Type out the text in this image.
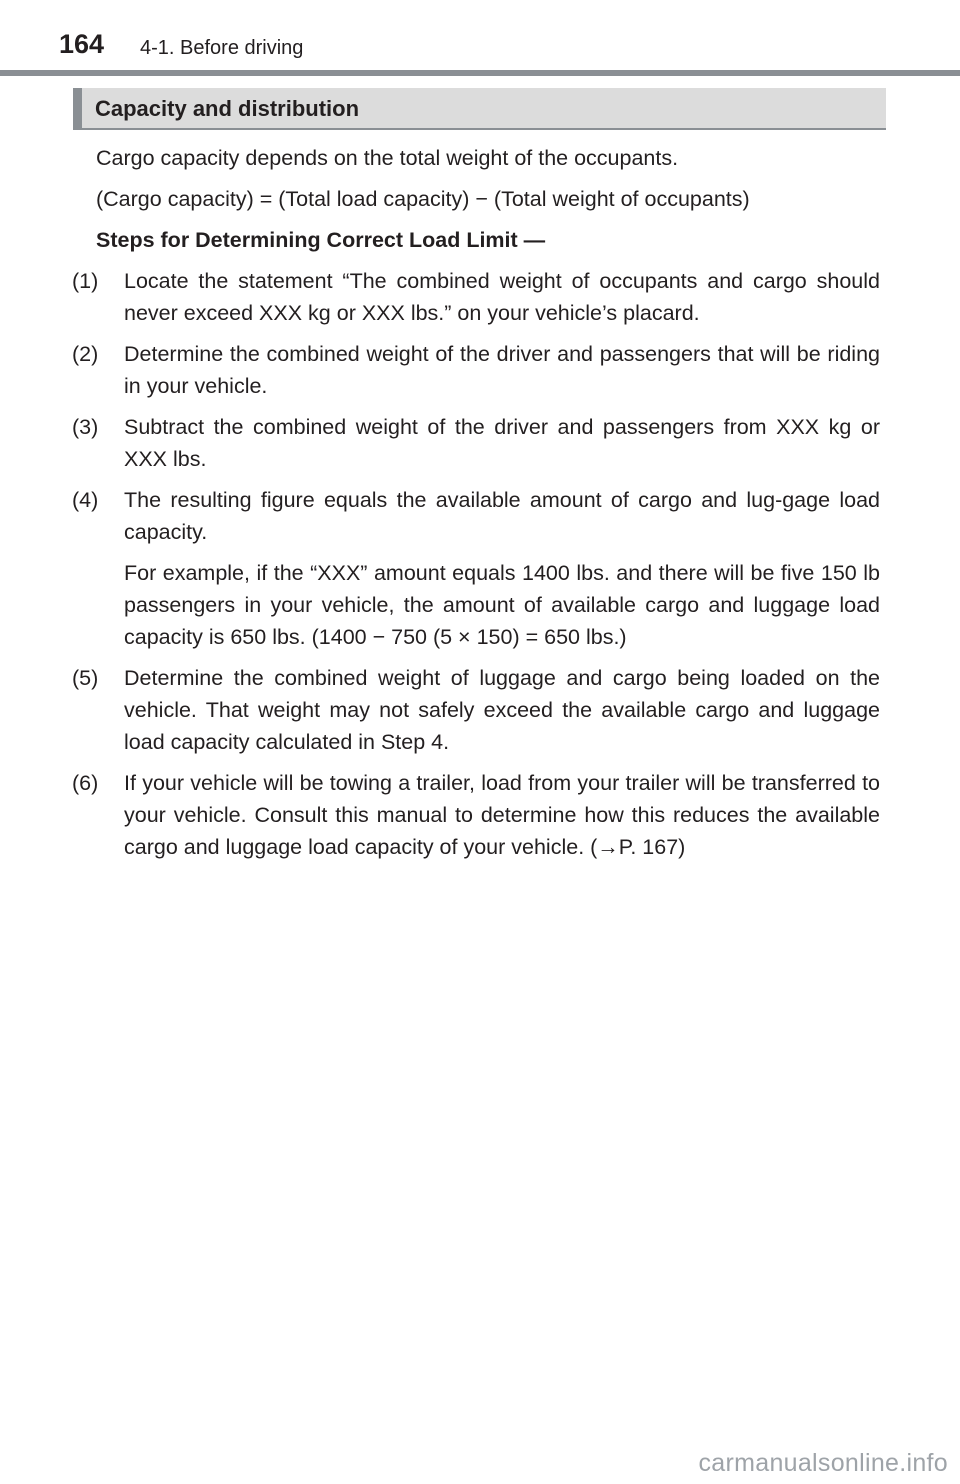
164 4-1. Before driving
Capacity and distribution

Cargo capacity depends on the total weight of the occupants.

(Cargo capacity) = (Total load capacity) − (Total weight of occupants)

Steps for Determining Correct Load Limit —

(1)	Locate the statement “The combined weight of occupants and cargo should never exceed XXX kg or XXX lbs.” on your vehicle’s placard.

(2)	Determine the combined weight of the driver and passengers that will be riding in your vehicle.

(3)	Subtract the combined weight of the driver and passengers from XXX kg or XXX lbs.

(4)	The resulting figure equals the available amount of cargo and lug-gage load capacity.

For example, if the “XXX” amount equals 1400 lbs. and there will be five 150 lb passengers in your vehicle, the amount of available cargo and luggage load capacity is 650 lbs. (1400 − 750 (5 × 150) = 650 lbs.)

(5)	Determine the combined weight of luggage and cargo being loaded on the vehicle. That weight may not safely exceed the available cargo and luggage load capacity calculated in Step 4.

(6)	If your vehicle will be towing a trailer, load from your trailer will be transferred to your vehicle. Consult this manual to determine how this reduces the available cargo and luggage load capacity of your vehicle. (→P. 167)

carmanualsonline.info
